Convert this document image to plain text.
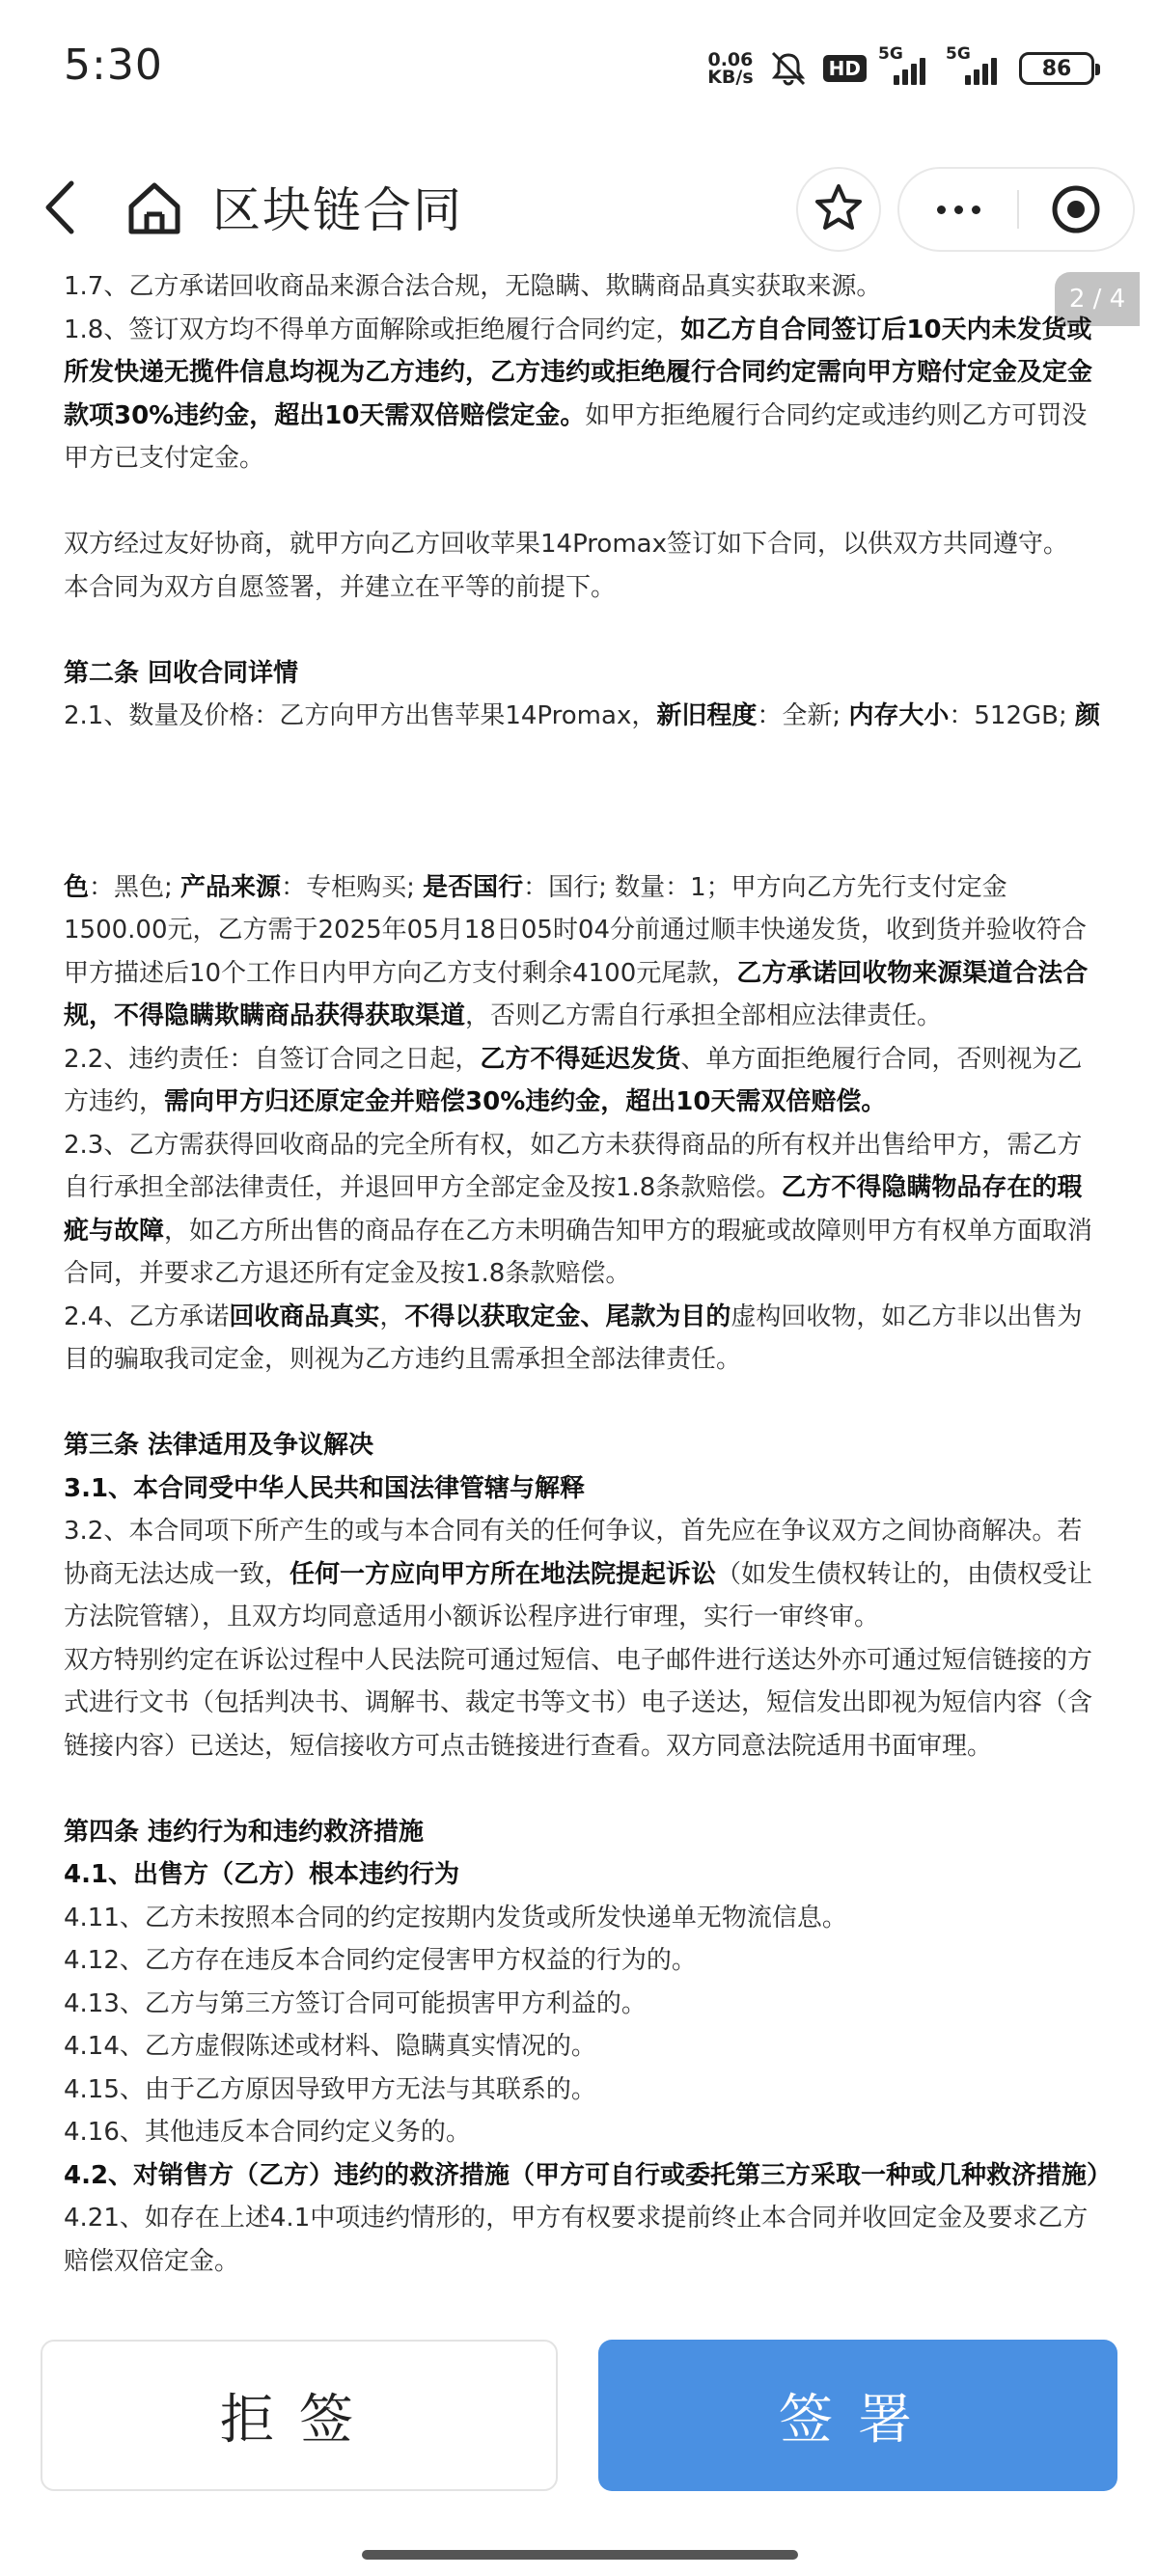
5:30	0.06
KB/s	HD
5G	5G
86
区块链合同
2 / 4

1.7、乙方承诺回收商品来源合法合规，无隐瞒、欺瞒商品真实获取来源。

1.8、签订双方均不得单方面解除或拒绝履行合同约定，如乙方自合同签订后10天内未发货或所发快递无揽件信息均视为乙方违约，乙方违约或拒绝履行合同约定需向甲方赔付定金及定金款项30%违约金，超出10天需双倍赔偿定金。如甲方拒绝履行合同约定或违约则乙方可罚没甲方已支付定金。

双方经过友好协商，就甲方向乙方回收苹果14Promax签订如下合同，以供双方共同遵守。

本合同为双方自愿签署，并建立在平等的前提下。

第二条 回收合同详情

2.1、数量及价格：乙方向甲方出售苹果14Promax，新旧程度：全新; 内存大小：512GB; 颜

色：黑色; 产品来源：专柜购买; 是否国行：国行; 数量：1；甲方向乙方先行支付定金1500.00元，乙方需于2025年05月18日05时04分前通过顺丰快递发货，收到货并验收符合甲方描述后10个工作日内甲方向乙方支付剩余4100元尾款，乙方承诺回收物来源渠道合法合规，不得隐瞒欺瞒商品获得获取渠道，否则乙方需自行承担全部相应法律责任。

2.2、违约责任：自签订合同之日起，乙方不得延迟发货、单方面拒绝履行合同，否则视为乙方违约，需向甲方归还原定金并赔偿30%违约金，超出10天需双倍赔偿。

2.3、乙方需获得回收商品的完全所有权，如乙方未获得商品的所有权并出售给甲方，需乙方自行承担全部法律责任，并退回甲方全部定金及按1.8条款赔偿。乙方不得隐瞒物品存在的瑕疵与故障，如乙方所出售的商品存在乙方未明确告知甲方的瑕疵或故障则甲方有权单方面取消合同，并要求乙方退还所有定金及按1.8条款赔偿。

2.4、乙方承诺回收商品真实，不得以获取定金、尾款为目的虚构回收物，如乙方非以出售为目的骗取我司定金，则视为乙方违约且需承担全部法律责任。

第三条 法律适用及争议解决

3.1、本合同受中华人民共和国法律管辖与解释

3.2、本合同项下所产生的或与本合同有关的任何争议，首先应在争议双方之间协商解决。若协商无法达成一致，任何一方应向甲方所在地法院提起诉讼（如发生债权转让的，由债权受让方法院管辖），且双方均同意适用小额诉讼程序进行审理，实行一审终审。

双方特别约定在诉讼过程中人民法院可通过短信、电子邮件进行送达外亦可通过短信链接的方式进行文书（包括判决书、调解书、裁定书等文书）电子送达，短信发出即视为短信内容（含链接内容）已送达，短信接收方可点击链接进行查看。双方同意法院适用书面审理。

第四条 违约行为和违约救济措施

4.1、出售方（乙方）根本违约行为

4.11、乙方未按照本合同的约定按期内发货或所发快递单无物流信息。

4.12、乙方存在违反本合同约定侵害甲方权益的行为的。

4.13、乙方与第三方签订合同可能损害甲方利益的。

4.14、乙方虚假陈述或材料、隐瞒真实情况的。

4.15、由于乙方原因导致甲方无法与其联系的。

4.16、其他违反本合同约定义务的。

4.2、对销售方（乙方）违约的救济措施（甲方可自行或委托第三方采取一种或几种救济措施）

4.21、如存在上述4.1中项违约情形的，甲方有权要求提前终止本合同并收回定金及要求乙方赔偿双倍定金。

拒签	签署
